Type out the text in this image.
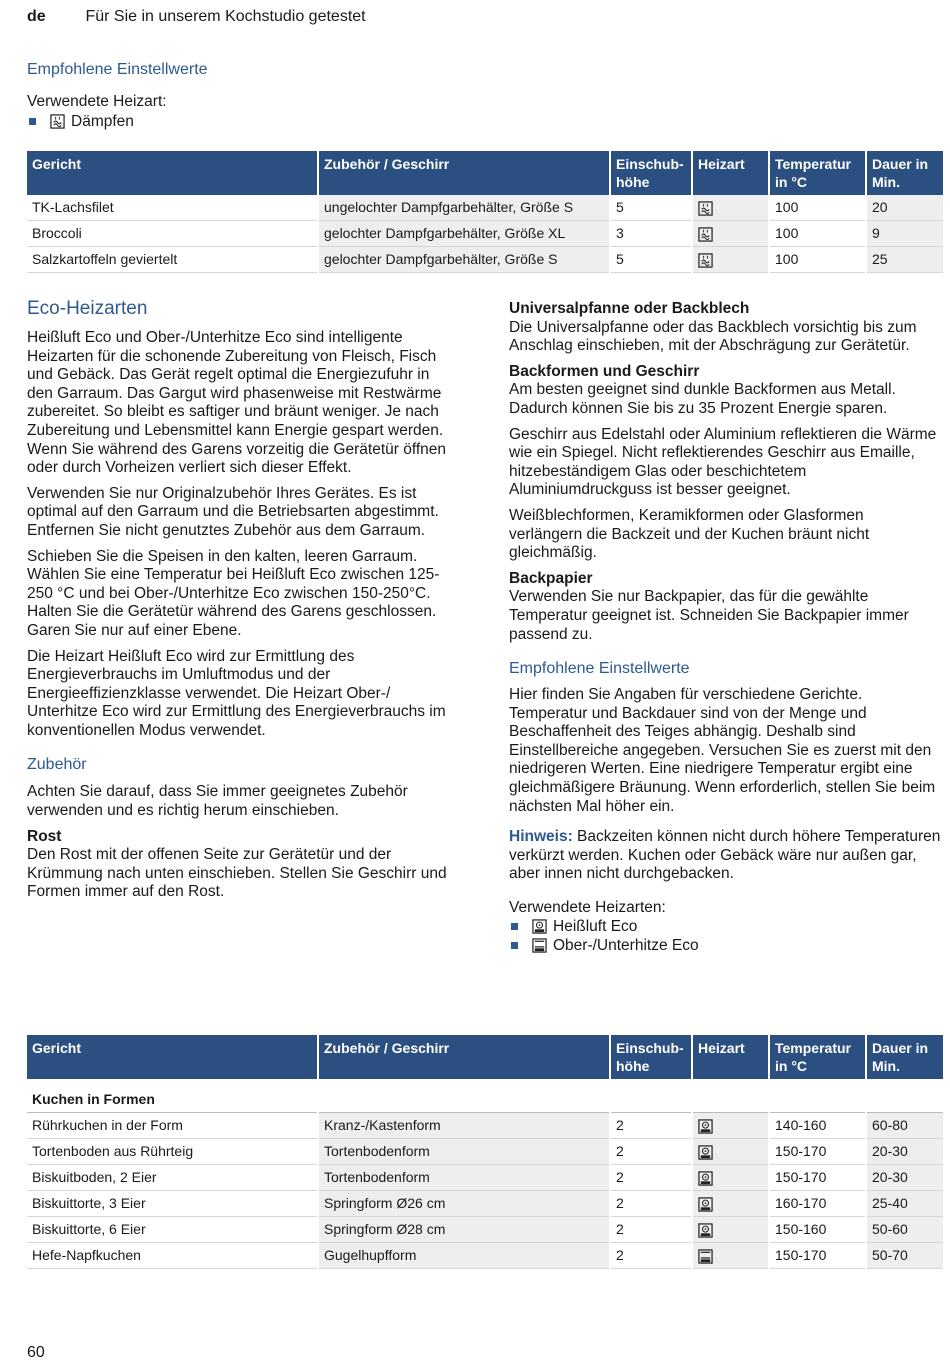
de Für Sie in unserem Kochstudio getestet
Empfohlene Einstellwerte
Verwendete Heizart:
Dämpfen
Gericht	Zubehör / Geschirr	Einschub-höhe	Heizart	Temperatur in °C	Dauer in Min.
TK-Lachsfilet	ungelochter Dampfgarbehälter, Größe S	5		100	20
Broccoli	gelochter Dampfgarbehälter, Größe XL	3		100	9
Salzkartoffeln geviertelt	gelochter Dampfgarbehälter, Größe S	5		100	25
Eco-Heizarten

Heißluft Eco und Ober-/Unterhitze Eco sind intelligente Heizarten für die schonende Zubereitung von Fleisch, Fisch und Gebäck. Das Gerät regelt optimal die Energiezufuhr in den Garraum. Das Gargut wird phasenweise mit Restwärme zubereitet. So bleibt es saftiger und bräunt weniger. Je nach Zubereitung und Lebensmittel kann Energie gespart werden. Wenn Sie während des Garens vorzeitig die Gerätetür öffnen oder durch Vorheizen verliert sich dieser Effekt.

Verwenden Sie nur Originalzubehör Ihres Gerätes. Es ist optimal auf den Garraum und die Betriebsarten abgestimmt. Entfernen Sie nicht genutztes Zubehör aus dem Garraum.

Schieben Sie die Speisen in den kalten, leeren Garraum. Wählen Sie eine Temperatur bei Heißluft Eco zwischen 125-250 °C und bei Ober-/Unterhitze Eco zwischen 150-250°C. Halten Sie die Gerätetür während des Garens geschlossen. Garen Sie nur auf einer Ebene.

Die Heizart Heißluft Eco wird zur Ermittlung des Energieverbrauchs im Umluftmodus und der Energieeffizienzklasse verwendet. Die Heizart Ober-/ Unterhitze Eco wird zur Ermittlung des Energieverbrauchs im konventionellen Modus verwendet.

Zubehör

Achten Sie darauf, dass Sie immer geeignetes Zubehör verwenden und es richtig herum einschieben.

Rost

Den Rost mit der offenen Seite zur Gerätetür und der Krümmung nach unten einschieben. Stellen Sie Geschirr und Formen immer auf den Rost.

Universalpfanne oder Backblech

Die Universalpfanne oder das Backblech vorsichtig bis zum Anschlag einschieben, mit der Abschrägung zur Gerätetür.

Backformen und Geschirr

Am besten geeignet sind dunkle Backformen aus Metall. Dadurch können Sie bis zu 35 Prozent Energie sparen.

Geschirr aus Edelstahl oder Aluminium reflektieren die Wärme wie ein Spiegel. Nicht reflektierendes Geschirr aus Emaille, hitzebeständigem Glas oder beschichtetem Aluminiumdruckguss ist besser geeignet.

Weißblechformen, Keramikformen oder Glasformen verlängern die Backzeit und der Kuchen bräunt nicht gleichmäßig.

Backpapier

Verwenden Sie nur Backpapier, das für die gewählte Temperatur geeignet ist. Schneiden Sie Backpapier immer passend zu.

Empfohlene Einstellwerte

Hier finden Sie Angaben für verschiedene Gerichte. Temperatur und Backdauer sind von der Menge und Beschaffenheit des Teiges abhängig. Deshalb sind Einstellbereiche angegeben. Versuchen Sie es zuerst mit den niedrigeren Werten. Eine niedrigere Temperatur ergibt eine gleichmäßigere Bräunung. Wenn erforderlich, stellen Sie beim nächsten Mal höher ein.

Hinweis: Backzeiten können nicht durch höhere Temperaturen verkürzt werden. Kuchen oder Gebäck wäre nur außen gar, aber innen nicht durchgebacken.

Verwendete Heizarten:
Heißluft Eco
Ober-/Unterhitze Eco
Gericht	Zubehör / Geschirr	Einschub-höhe	Heizart	Temperatur in °C	Dauer in Min.
Kuchen in Formen					
Rührkuchen in der Form	Kranz-/Kastenform	2		140-160	60-80
Tortenboden aus Rührteig	Tortenbodenform	2		150-170	20-30
Biskuitboden, 2 Eier	Tortenbodenform	2		150-170	20-30
Biskuittorte, 3 Eier	Springform Ø26 cm	2		160-170	25-40
Biskuittorte, 6 Eier	Springform Ø28 cm	2		150-160	50-60
Hefe-Napfkuchen	Gugelhupfform	2		150-170	50-70
60
